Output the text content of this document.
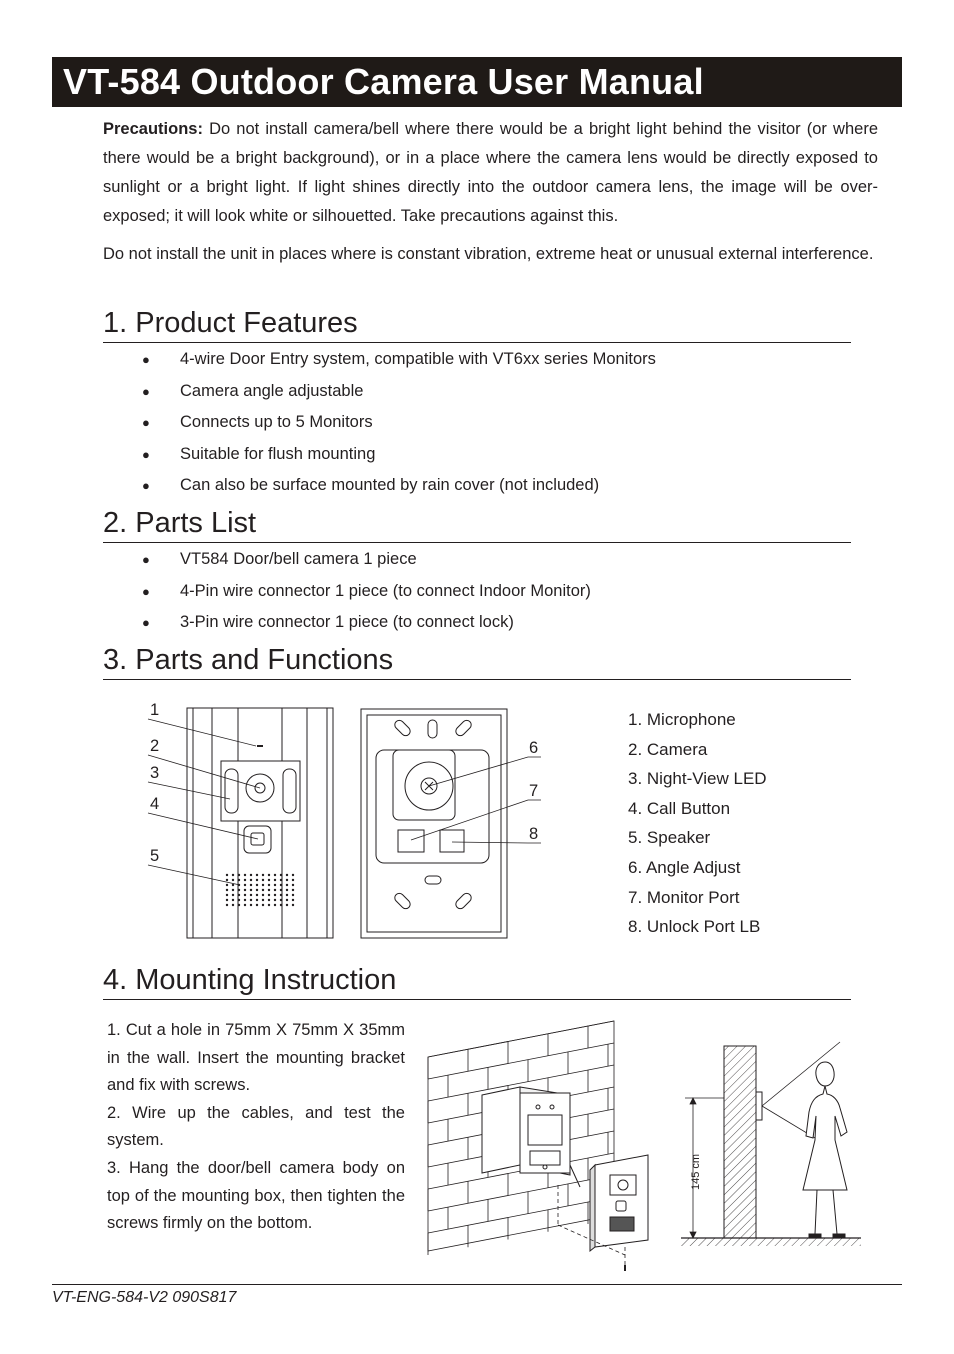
VT-584 Outdoor Camera User Manual

Precautions: Do not install camera/bell where there would be a bright light behind the visitor (or where there would be a bright background), or in a place where the camera lens would be directly exposed to sunlight or a bright light. If light shines directly into the outdoor camera lens, the image will be over-exposed; it will look white or silhouetted. Take precautions against this.

Do not install the unit in places where is constant vibration, extreme heat or unusual external interference.

1. Product Features
● 4-wire Door Entry system, compatible with VT6xx series Monitors
● Camera angle adjustable
● Connects up to 5 Monitors
● Suitable for flush mounting
● Can also be surface mounted by rain cover (not included)
2. Parts List
● VT584 Door/bell camera 1 piece
● 4-Pin wire connector 1 piece (to connect Indoor Monitor)
● 3-Pin wire connector 1 piece (to connect lock)
3. Parts and Functions
1
2
3
4
5
6
7
8
1. Microphone
2. Camera
3. Night-View LED
4. Call Button
5. Speaker
6. Angle Adjust
7. Monitor Port
8. Unlock Port LB
4. Mounting Instruction

1. Cut a hole in 75mm X 75mm X 35mm in the wall. Insert the mounting bracket and fix with screws.

2. Wire up the cables, and test the system.

3. Hang the door/bell camera body on top of the mounting box, then tighten the screws firmly on the bottom.

145 cm
VT-ENG-584-V2 090S817
